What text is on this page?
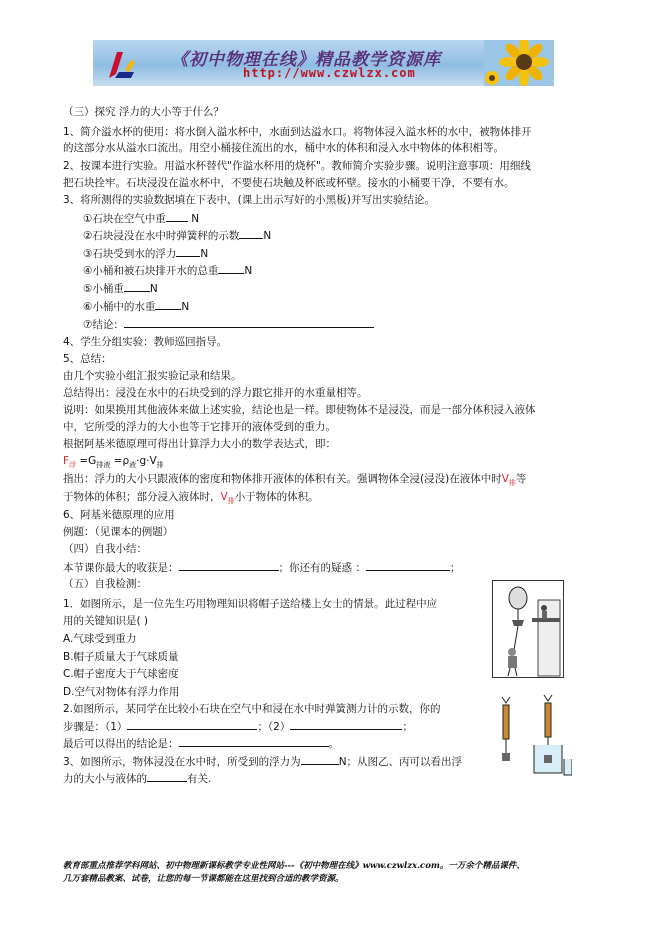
《初中物理在线》精品教学资源库
http://www.czwlzx.com
（三）探究 浮力的大小等于什么？
1、简介溢水杯的使用：将水倒入溢水杯中，水面到达溢水口。将物体浸入溢水杯的水中，被物体排开
的这部分水从溢水口流出。用空小桶接住流出的水，桶中水的体积和浸入水中物体的体积相等。
2、按课本进行实验。用溢水杯替代"作溢水杯用的烧杯"。教师简介实验步骤。说明注意事项：用细线
把石块拴牢。石块浸没在溢水杯中，不要使石块触及杯底或杯壁。接水的小桶要干净，不要有水。
3、将所测得的实验数据填在下表中，(课上出示写好的小黑板)并写出实验结论。
①石块在空气中重 N
②石块浸没在水中时弹簧秤的示数 N
③石块受到水的浮力 N
④小桶和被石块排开水的总重 N
⑤小桶重 N
⑥小桶中的水重 N
⑦结论：
4、学生分组实验：教师巡回指导。
5、总结：
由几个实验小组汇报实验记录和结果。
总结得出：浸没在水中的石块受到的浮力跟它排开的水重量相等。
说明：如果换用其他液体来做上述实验，结论也是一样。即使物体不是浸没，而是一部分体积浸入液体
中，它所受的浮力的大小也等于它排开的液体受到的重力。
根据阿基米德原理可得出计算浮力大小的数学表达式，即：
$F_浮 =G_{排液} =\rho_液\cdot g\cdot V_排$
指出：浮力的大小只跟液体的密度和物体排开液体的体积有关。强调物体全浸(浸没)在液体中时$V_排$等
于物体的体积；部分浸入液体时，$V_排$小于物体的体积。
6、阿基米德原理的应用
例题：（见课本的例题）
（四）自我小结：
本节课你最大的收获是：	；你还有的疑惑 ：	；
（五）自我检测：
1．如图所示，是一位先生巧用物理知识将帽子送给楼上女士的情景。此过程中应
用的关键知识是( )
A.气球受到重力
B.帽子质量大于气球质量
C.帽子密度大于气球密度
D.空气对物体有浮力作用
2.如图所示，某同学在比较小石块在空气中和浸在水中时弹簧测力计的示数，你的
步骤是：（1）	；（2）	；
最后可以得出的结论是：	。
3、如图所示，物体浸没在水中时，所受到的浮力为	N；从图乙、丙可以看出浮
力的大小与液体的	有关.
教育部重点推荐学科网站、初中物理新课标教学专业性网站---《初中物理在线》www.czwlzx.com。一万余个精品课件、
几万套精品教案、试卷，让您的每一节课都能在这里找到合适的教学资源。
